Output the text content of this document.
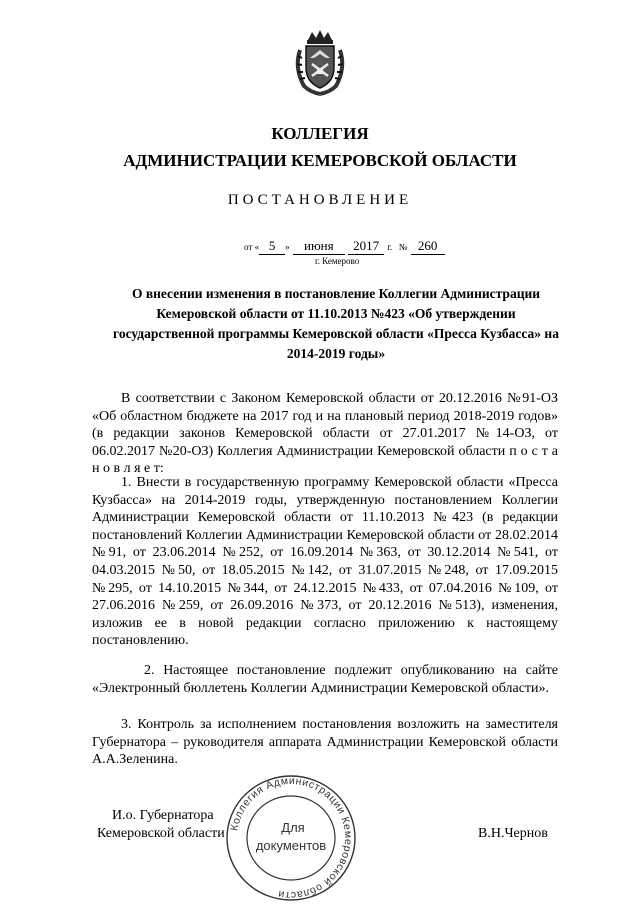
КОЛЛЕГИЯ
АДМИНИСТРАЦИИ КЕМЕРОВСКОЙ ОБЛАСТИ
ПОСТАНОВЛЕНИЕ
от « 5 » июня 2017 г. № 260
г. Кемерово
О внесении изменения в постановление Коллегии Администрации Кемеровской области от 11.10.2013 №423 «Об утверждении государственной программы Кемеровской области «Пресса Кузбасса» на 2014-2019 годы»
В соответствии с Законом Кемеровской области от 20.12.2016 №91-ОЗ «Об областном бюджете на 2017 год и на плановый период 2018-2019 годов» (в редакции законов Кемеровской области от 27.01.2017 №14-ОЗ, от 06.02.2017 №20-ОЗ) Коллегия Администрации Кемеровской области п о с т а н о в л я е т:
1. Внести в государственную программу Кемеровской области «Пресса Кузбасса» на 2014-2019 годы, утвержденную постановлением Коллегии Администрации Кемеровской области от 11.10.2013 №423 (в редакции постановлений Коллегии Администрации Кемеровской области от 28.02.2014 №91, от 23.06.2014 №252, от 16.09.2014 №363, от 30.12.2014 №541, от 04.03.2015 №50, от 18.05.2015 №142, от 31.07.2015 №248, от 17.09.2015 №295, от 14.10.2015 №344, от 24.12.2015 №433, от 07.04.2016 №109, от 27.06.2016 №259, от 26.09.2016 №373, от 20.12.2016 №513), изменения, изложив ее в новой редакции согласно приложению к настоящему постановлению.
2. Настоящее постановление подлежит опубликованию на сайте «Электронный бюллетень Коллегии Администрации Кемеровской области».
3. Контроль за исполнением постановления возложить на заместителя Губернатора – руководителя аппарата Администрации Кемеровской области А.А.Зеленина.
Коллегия Администрации Кемеровской области
Для
документов
И.о. Губернатора
Кемеровской области	В.Н.Чернов
